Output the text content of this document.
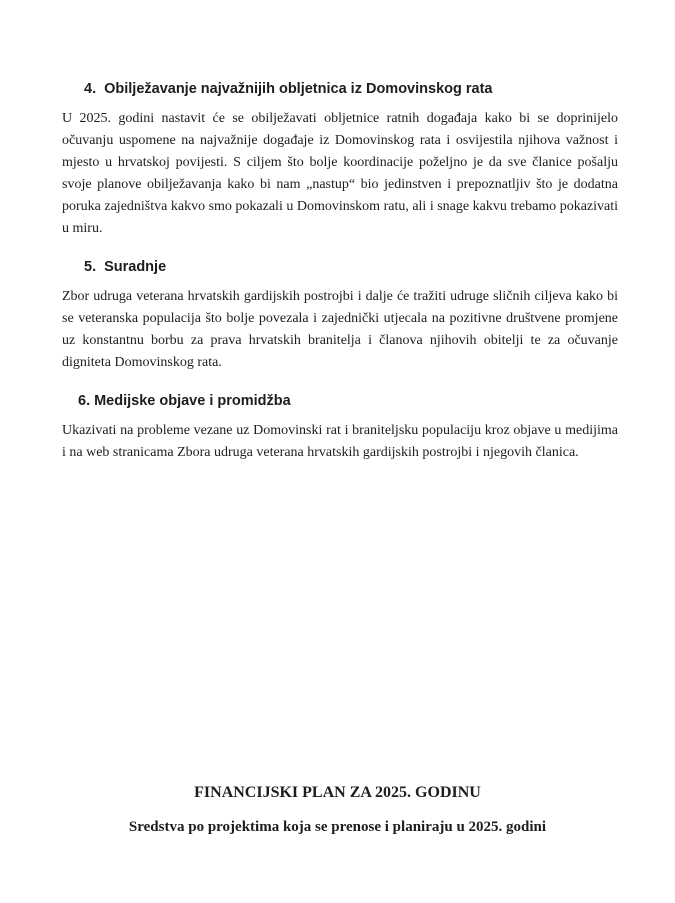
4. Obilježavanje najvažnijih obljetnica iz Domovinskog rata

U 2025. godini nastavit će se obilježavati obljetnice ratnih događaja kako bi se doprinijelo očuvanju uspomene na najvažnije događaje iz Domovinskog rata i osvijestila njihova važnost i mjesto u hrvatskoj povijesti. S ciljem što bolje koordinacije poželjno je da sve članice pošalju svoje planove obilježavanja kako bi nam „nastup“ bio jedinstven i prepoznatljiv što je dodatna poruka zajedništva kakvo smo pokazali u Domovinskom ratu, ali i snage kakvu trebamo pokazivati u miru.

5. Suradnje

Zbor udruga veterana hrvatskih gardijskih postrojbi i dalje će tražiti udruge sličnih ciljeva kako bi se veteranska populacija što bolje povezala i zajednički utjecala na pozitivne društvene promjene uz konstantnu borbu za prava hrvatskih branitelja i članova njihovih obitelji te za očuvanje digniteta Domovinskog rata.

6. Medijske objave i promidžba

Ukazivati na probleme vezane uz Domovinski rat i braniteljsku populaciju kroz objave u medijima i na web stranicama Zbora udruga veterana hrvatskih gardijskih postrojbi i njegovih članica.

FINANCIJSKI PLAN ZA 2025. GODINU

Sredstva po projektima koja se prenose i planiraju u 2025. godini
